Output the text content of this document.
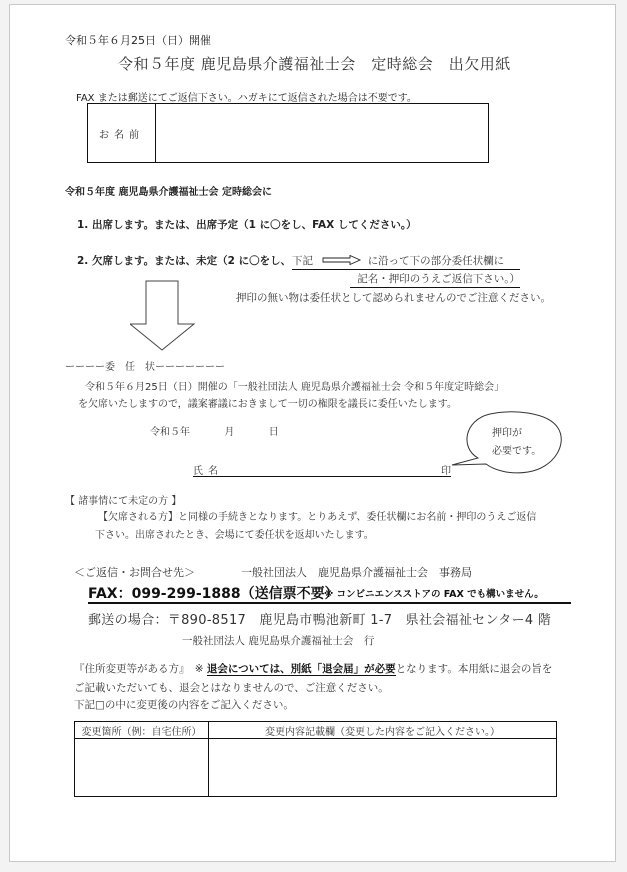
令和５年６月25日（日）開催
令和５年度 鹿児島県介護福祉士会　定時総会　出欠用紙
FAX または郵送にてご返信下さい。ハガキにて返信された場合は不要です。
お名前
令和５年度 鹿児島県介護福祉士会 定時総会に
1. 出席します。または、出席予定（1 に〇をし、FAX してください。）
2. 欠席します。または、未定（2 に〇をし、 下記	に沿って下の部分委任状欄に
記名・押印のうえご返信下さい。）
押印の無い物は委任状として認められませんのでご注意ください。
ーーーー委　任　状ーーーーーーー
令和５年６月25日（日）開催の「一般社団法人 鹿児島県介護福祉士会 令和５年度定時総会」
を欠席いたしますので，議案審議におきまして一切の権限を議長に委任いたします。
令和５年	月	日
氏名	印
押印が
必要です。
【 諸事情にて未定の方 】
【欠席される方】と同様の手続きとなります。とりあえず、委任状欄にお名前・押印のうえご返信
下さい。出席されたとき、会場にて委任状を返却いたします。
＜ご返信・お問合せ先＞	一般社団法人　鹿児島県介護福祉士会　事務局
FAX：099-299-1888（送信票不要）
※ コンビニエンスストアの FAX でも構いません。
郵送の場合：〒890-8517　鹿児島市鴨池新町 1-7　県社会福祉センター4 階
一般社団法人 鹿児島県介護福祉士会　行
『住所変更等がある方』　※ 退会については、別紙「退会届」が必要となります。本用紙に退会の旨を
ご記載いただいても、退会とはなりませんので、ご注意ください。
下記□の中に変更後の内容をご記入ください。
変更箇所（例：自宅住所）	変更内容記載欄（変更した内容をご記入ください。）
